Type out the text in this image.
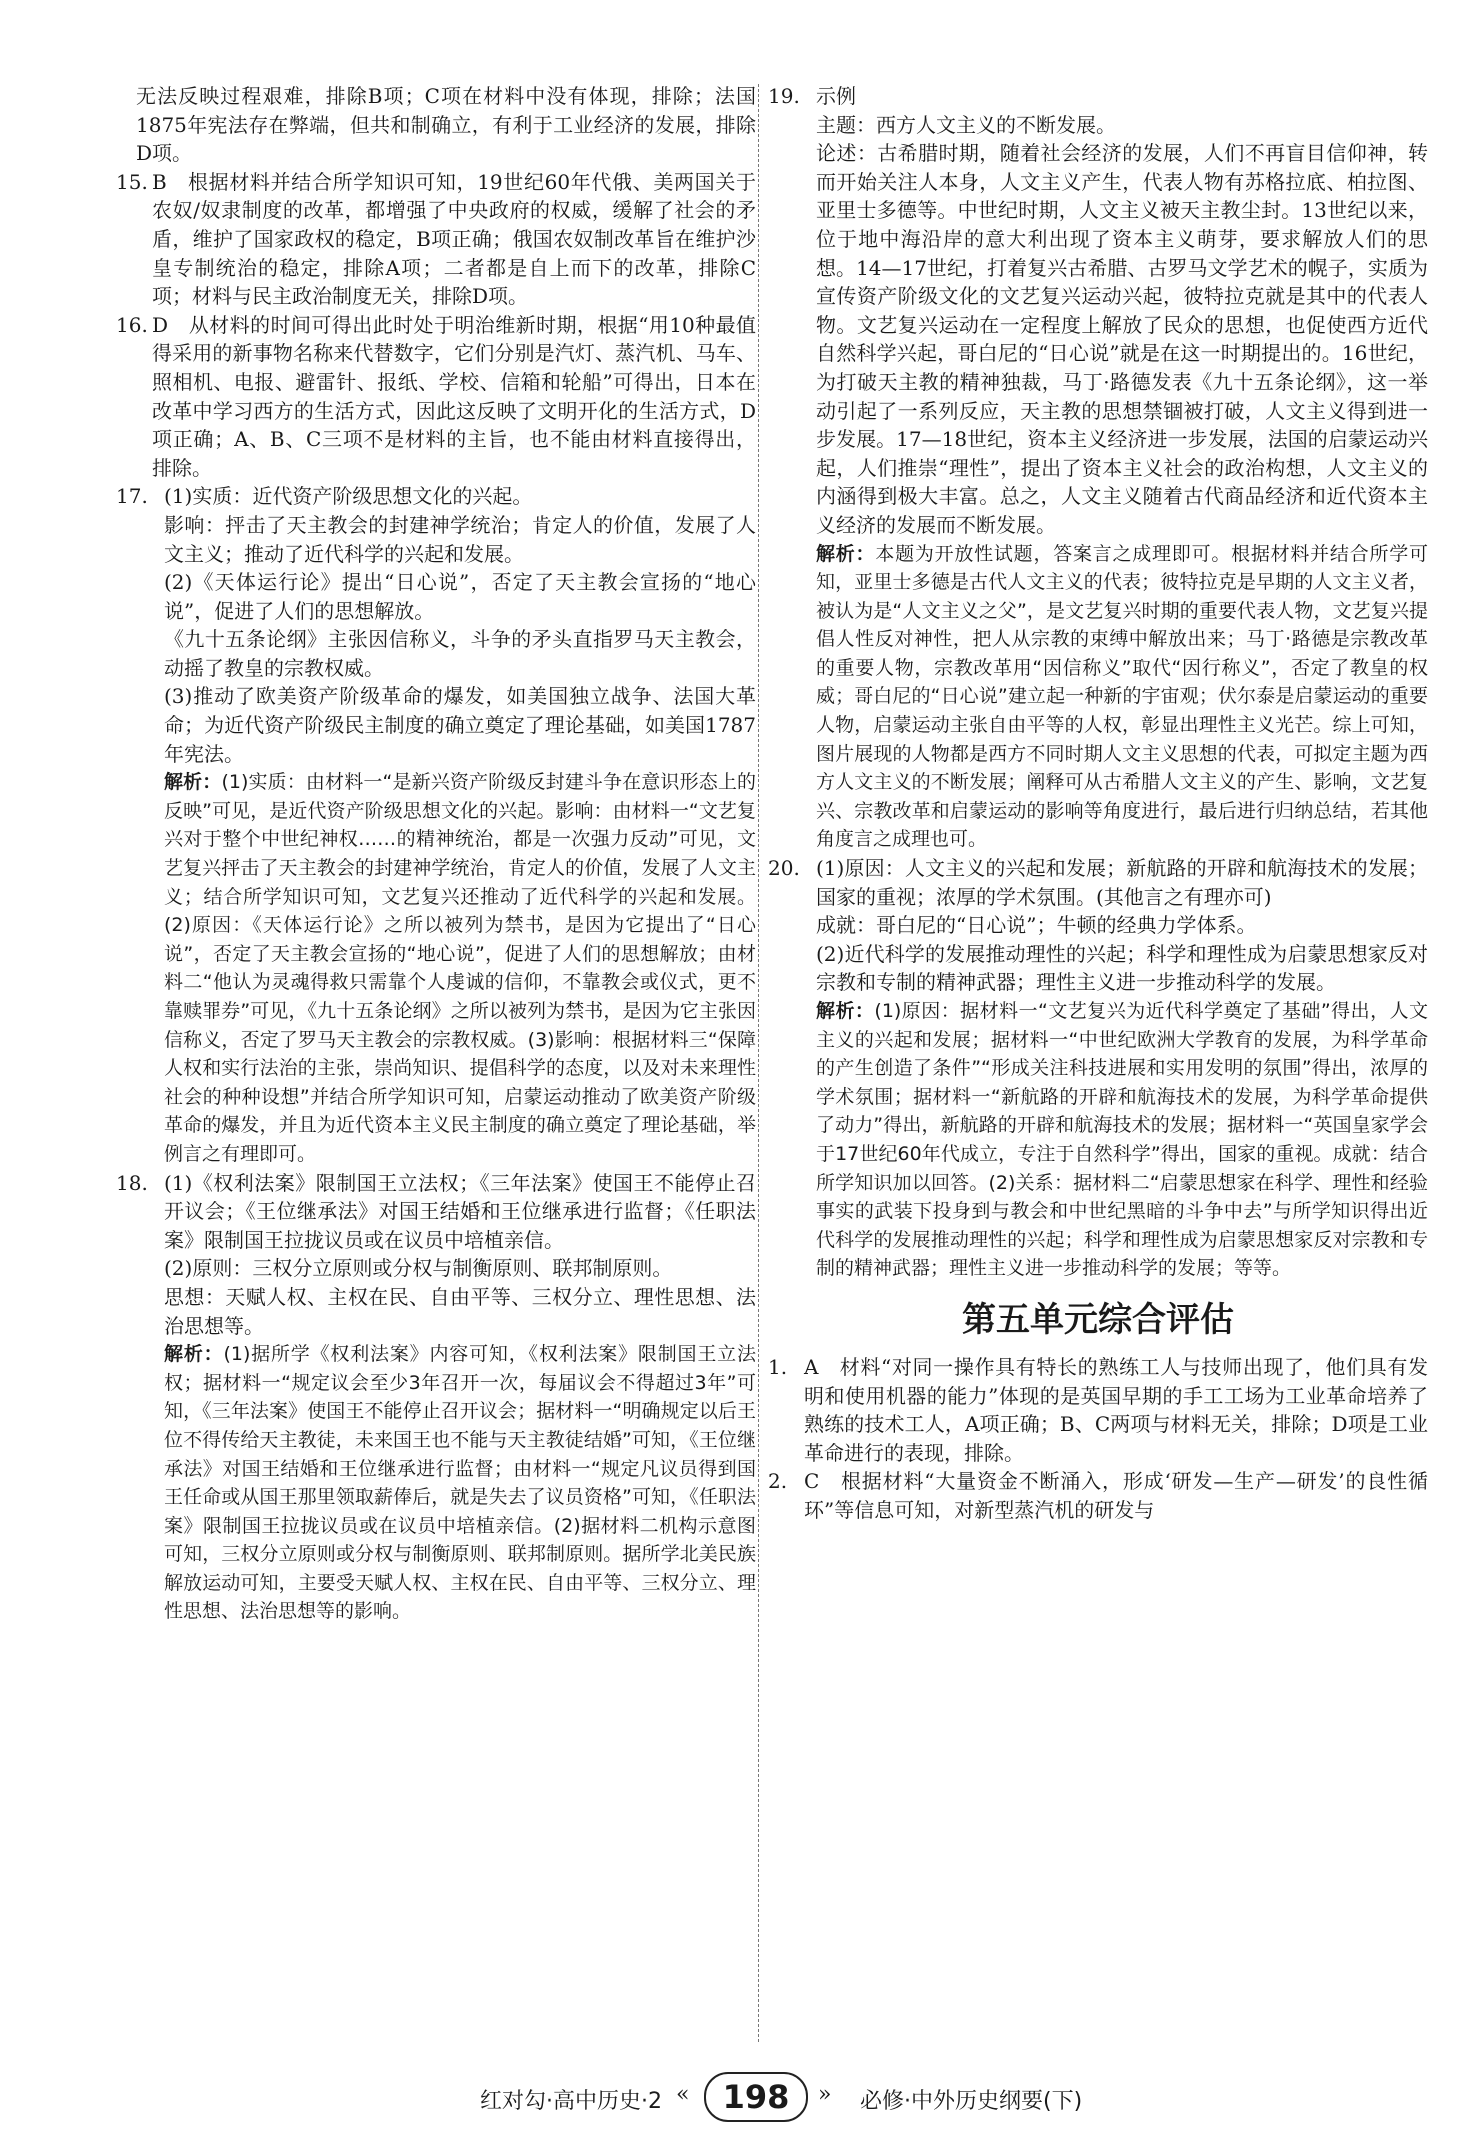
无法反映过程艰难，排除B项；C项在材料中没有体现，排除；法国1875年宪法存在弊端，但共和制确立，有利于工业经济的发展，排除D项。

15. B　根据材料并结合所学知识可知，19世纪60年代俄、美两国关于农奴/奴隶制度的改革，都增强了中央政府的权威，缓解了社会的矛盾，维护了国家政权的稳定，B项正确；俄国农奴制改革旨在维护沙皇专制统治的稳定，排除A项；二者都是自上而下的改革，排除C项；材料与民主政治制度无关，排除D项。

16. D　从材料的时间可得出此时处于明治维新时期，根据“用10种最值得采用的新事物名称来代替数字，它们分别是汽灯、蒸汽机、马车、照相机、电报、避雷针、报纸、学校、信箱和轮船”可得出，日本在改革中学习西方的生活方式，因此这反映了文明开化的生活方式，D项正确；A、B、C三项不是材料的主旨，也不能由材料直接得出，排除。

17. (1)实质：近代资产阶级思想文化的兴起。

影响：抨击了天主教会的封建神学统治；肯定人的价值，发展了人文主义；推动了近代科学的兴起和发展。

(2)《天体运行论》提出“日心说”，否定了天主教会宣扬的“地心说”，促进了人们的思想解放。

《九十五条论纲》主张因信称义，斗争的矛头直指罗马天主教会，动摇了教皇的宗教权威。

(3)推动了欧美资产阶级革命的爆发，如美国独立战争、法国大革命；为近代资产阶级民主制度的确立奠定了理论基础，如美国1787年宪法。

解析：(1)实质：由材料一“是新兴资产阶级反封建斗争在意识形态上的反映”可见，是近代资产阶级思想文化的兴起。影响：由材料一“文艺复兴对于整个中世纪神权……的精神统治，都是一次强力反动”可见，文艺复兴抨击了天主教会的封建神学统治，肯定人的价值，发展了人文主义；结合所学知识可知，文艺复兴还推动了近代科学的兴起和发展。(2)原因：《天体运行论》之所以被列为禁书，是因为它提出了“日心说”，否定了天主教会宣扬的“地心说”，促进了人们的思想解放；由材料二“他认为灵魂得救只需靠个人虔诚的信仰，不靠教会或仪式，更不靠赎罪券”可见，《九十五条论纲》之所以被列为禁书，是因为它主张因信称义，否定了罗马天主教会的宗教权威。(3)影响：根据材料三“保障人权和实行法治的主张，崇尚知识、提倡科学的态度，以及对未来理性社会的种种设想”并结合所学知识可知，启蒙运动推动了欧美资产阶级革命的爆发，并且为近代资本主义民主制度的确立奠定了理论基础，举例言之有理即可。

18. (1)《权利法案》限制国王立法权；《三年法案》使国王不能停止召开议会；《王位继承法》对国王结婚和王位继承进行监督；《任职法案》限制国王拉拢议员或在议员中培植亲信。

(2)原则：三权分立原则或分权与制衡原则、联邦制原则。

思想：天赋人权、主权在民、自由平等、三权分立、理性思想、法治思想等。

解析：(1)据所学《权利法案》内容可知，《权利法案》限制国王立法权；据材料一“规定议会至少3年召开一次，每届议会不得超过3年”可知，《三年法案》使国王不能停止召开议会；据材料一“明确规定以后王位不得传给天主教徒，未来国王也不能与天主教徒结婚”可知，《王位继承法》对国王结婚和王位继承进行监督；由材料一“规定凡议员得到国王任命或从国王那里领取薪俸后，就是失去了议员资格”可知，《任职法案》限制国王拉拢议员或在议员中培植亲信。(2)据材料二机构示意图可知，三权分立原则或分权与制衡原则、联邦制原则。据所学北美民族解放运动可知，主要受天赋人权、主权在民、自由平等、三权分立、理性思想、法治思想等的影响。

19. 示例

主题：西方人文主义的不断发展。

论述：古希腊时期，随着社会经济的发展，人们不再盲目信仰神，转而开始关注人本身，人文主义产生，代表人物有苏格拉底、柏拉图、亚里士多德等。中世纪时期，人文主义被天主教尘封。13世纪以来，位于地中海沿岸的意大利出现了资本主义萌芽，要求解放人们的思想。14—17世纪，打着复兴古希腊、古罗马文学艺术的幌子，实质为宣传资产阶级文化的文艺复兴运动兴起，彼特拉克就是其中的代表人物。文艺复兴运动在一定程度上解放了民众的思想，也促使西方近代自然科学兴起，哥白尼的“日心说”就是在这一时期提出的。16世纪，为打破天主教的精神独裁，马丁·路德发表《九十五条论纲》，这一举动引起了一系列反应，天主教的思想禁锢被打破，人文主义得到进一步发展。17—18世纪，资本主义经济进一步发展，法国的启蒙运动兴起，人们推崇“理性”，提出了资本主义社会的政治构想，人文主义的内涵得到极大丰富。总之，人文主义随着古代商品经济和近代资本主义经济的发展而不断发展。

解析：本题为开放性试题，答案言之成理即可。根据材料并结合所学可知，亚里士多德是古代人文主义的代表；彼特拉克是早期的人文主义者，被认为是“人文主义之父”，是文艺复兴时期的重要代表人物，文艺复兴提倡人性反对神性，把人从宗教的束缚中解放出来；马丁·路德是宗教改革的重要人物，宗教改革用“因信称义”取代“因行称义”，否定了教皇的权威；哥白尼的“日心说”建立起一种新的宇宙观；伏尔泰是启蒙运动的重要人物，启蒙运动主张自由平等的人权，彰显出理性主义光芒。综上可知，图片展现的人物都是西方不同时期人文主义思想的代表，可拟定主题为西方人文主义的不断发展；阐释可从古希腊人文主义的产生、影响，文艺复兴、宗教改革和启蒙运动的影响等角度进行，最后进行归纳总结，若其他角度言之成理也可。

20. (1)原因：人文主义的兴起和发展；新航路的开辟和航海技术的发展；国家的重视；浓厚的学术氛围。(其他言之有理亦可)

成就：哥白尼的“日心说”；牛顿的经典力学体系。

(2)近代科学的发展推动理性的兴起；科学和理性成为启蒙思想家反对宗教和专制的精神武器；理性主义进一步推动科学的发展。

解析：(1)原因：据材料一“文艺复兴为近代科学奠定了基础”得出，人文主义的兴起和发展；据材料一“中世纪欧洲大学教育的发展，为科学革命的产生创造了条件”“形成关注科技进展和实用发明的氛围”得出，浓厚的学术氛围；据材料一“新航路的开辟和航海技术的发展，为科学革命提供了动力”得出，新航路的开辟和航海技术的发展；据材料一“英国皇家学会于17世纪60年代成立，专注于自然科学”得出，国家的重视。成就：结合所学知识加以回答。(2)关系：据材料二“启蒙思想家在科学、理性和经验事实的武装下投身到与教会和中世纪黑暗的斗争中去”与所学知识得出近代科学的发展推动理性的兴起；科学和理性成为启蒙思想家反对宗教和专制的精神武器；理性主义进一步推动科学的发展；等等。

第五单元综合评估
1. A　材料“对同一操作具有特长的熟练工人与技师出现了，他们具有发明和使用机器的能力”体现的是英国早期的手工工场为工业革命培养了熟练的技术工人，A项正确；B、C两项与材料无关，排除；D项是工业革命进行的表现，排除。

2. C　根据材料“大量资金不断涌入，形成‘研发—生产—研发’的良性循环”等信息可知，对新型蒸汽机的研发与

红对勾·高中历史·2 «	198	» 必修·中外历史纲要(下)
